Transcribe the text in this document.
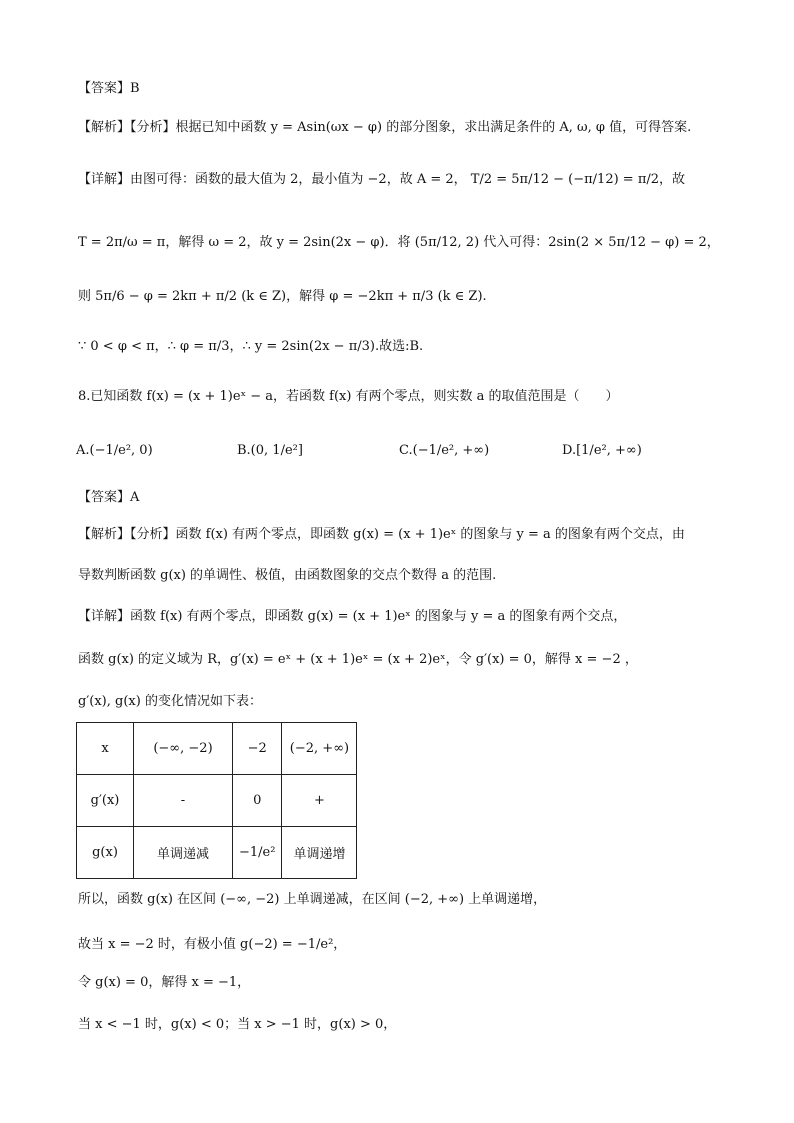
【答案】B
【解析】【分析】根据已知中函数 y = Asin(ωx − φ) 的部分图象，求出满足条件的 A, ω, φ 值，可得答案.
【详解】由图可得：函数的最大值为 2，最小值为 −2，故 A = 2， T/2 = 5π/12 − (−π/12) = π/2，故
T = 2π/ω = π，解得 ω = 2，故 y = 2sin(2x − φ)．将 (5π/12, 2) 代入可得：2sin(2 × 5π/12 − φ) = 2，
则 5π/6 − φ = 2kπ + π/2 (k ∈ Z)，解得 φ = −2kπ + π/3 (k ∈ Z).
∵ 0 < φ < π，∴ φ = π/3，∴ y = 2sin(2x − π/3).故选:B.
8.已知函数 f(x) = (x + 1)eˣ − a，若函数 f(x) 有两个零点，则实数 a 的取值范围是（　　）
A.(−1/e², 0)	B.(0, 1/e²]	C.(−1/e², +∞)	D.[1/e², +∞)
【答案】A
【解析】【分析】函数 f(x) 有两个零点，即函数 g(x) = (x + 1)eˣ 的图象与 y = a 的图象有两个交点，由
导数判断函数 g(x) 的单调性、极值，由函数图象的交点个数得 a 的范围.
【详解】函数 f(x) 有两个零点，即函数 g(x) = (x + 1)eˣ 的图象与 y = a 的图象有两个交点，
函数 g(x) 的定义域为 R，g′(x) = eˣ + (x + 1)eˣ = (x + 2)eˣ，令 g′(x) = 0，解得 x = −2 ，
g′(x), g(x) 的变化情况如下表：
x	(−∞, −2)	−2	(−2, +∞)
g′(x)	-	0	+
g(x)	单调递减	−1/e²	单调递增
所以，函数 g(x) 在区间 (−∞, −2) 上单调递减，在区间 (−2, +∞) 上单调递增，
故当 x = −2 时，有极小值 g(−2) = −1/e²，
令 g(x) = 0，解得 x = −1，
当 x < −1 时，g(x) < 0；当 x > −1 时，g(x) > 0，
